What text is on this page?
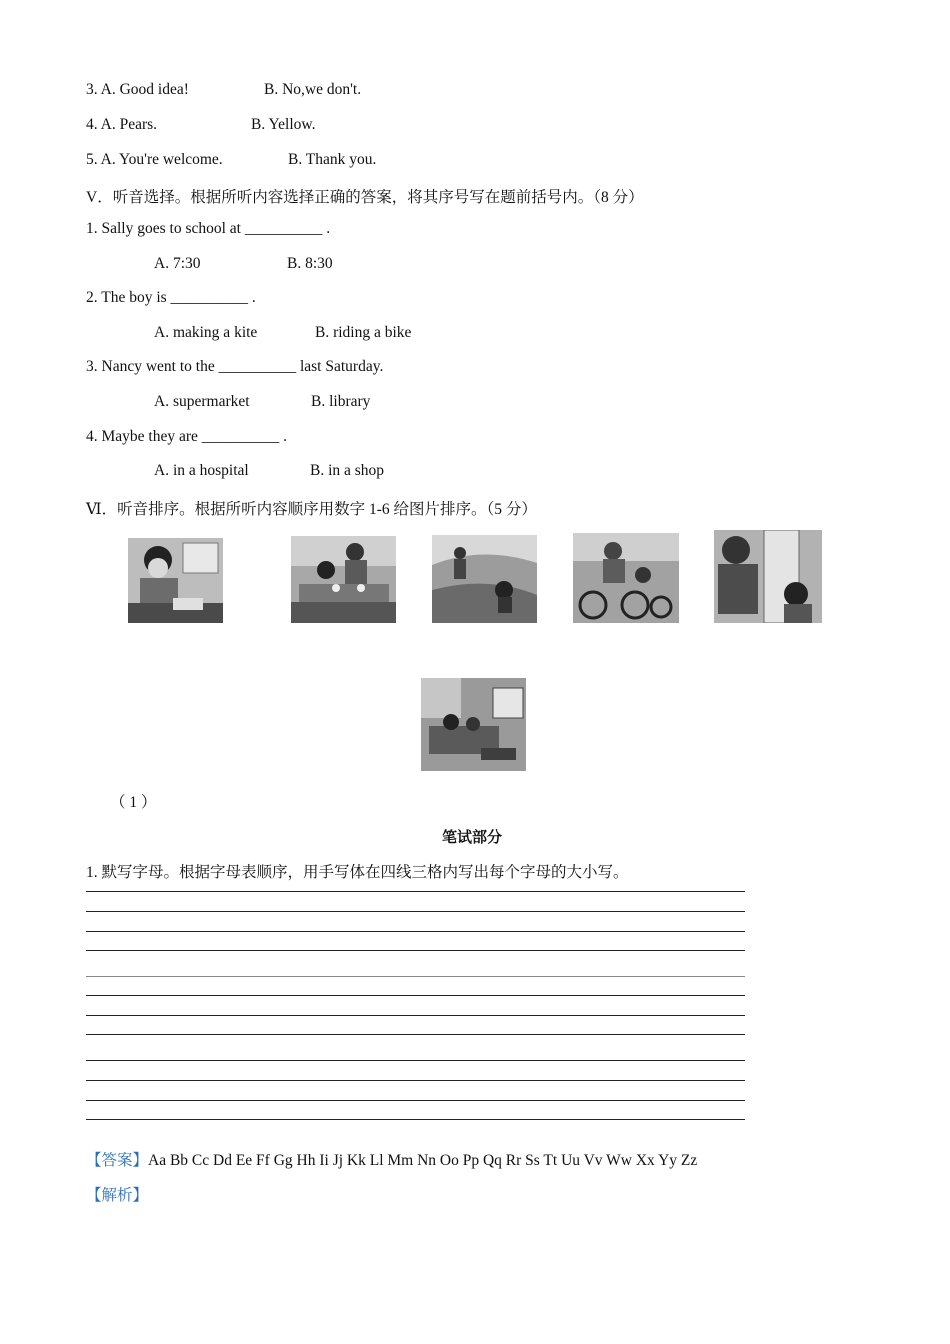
3. A. Good idea!	B. No,we don't.
4. A. Pears.	B. Yellow.
5. A. You're welcome.	B. Thank you.
V．听音选择。根据所听内容选择正确的答案，将其序号写在题前括号内。（8 分）
1. Sally goes to school at __________ .
A. 7:30	B. 8:30
2. The boy is __________ .
A. making a kite	B. riding a bike
3. Nancy went to the __________ last Saturday.
A. supermarket	B. library
4. Maybe they are __________ .
A. in a hospital	B. in a shop
Ⅵ．听音排序。根据所听内容顺序用数字 1-6 给图片排序。（5 分）
（ 1 ）
笔试部分
1. 默写字母。根据字母表顺序，用手写体在四线三格内写出每个字母的大小写。
【答案】Aa Bb Cc Dd Ee Ff Gg Hh Ii Jj Kk Ll Mm Nn Oo Pp Qq Rr Ss Tt Uu Vv Ww Xx Yy Zz
【解析】
